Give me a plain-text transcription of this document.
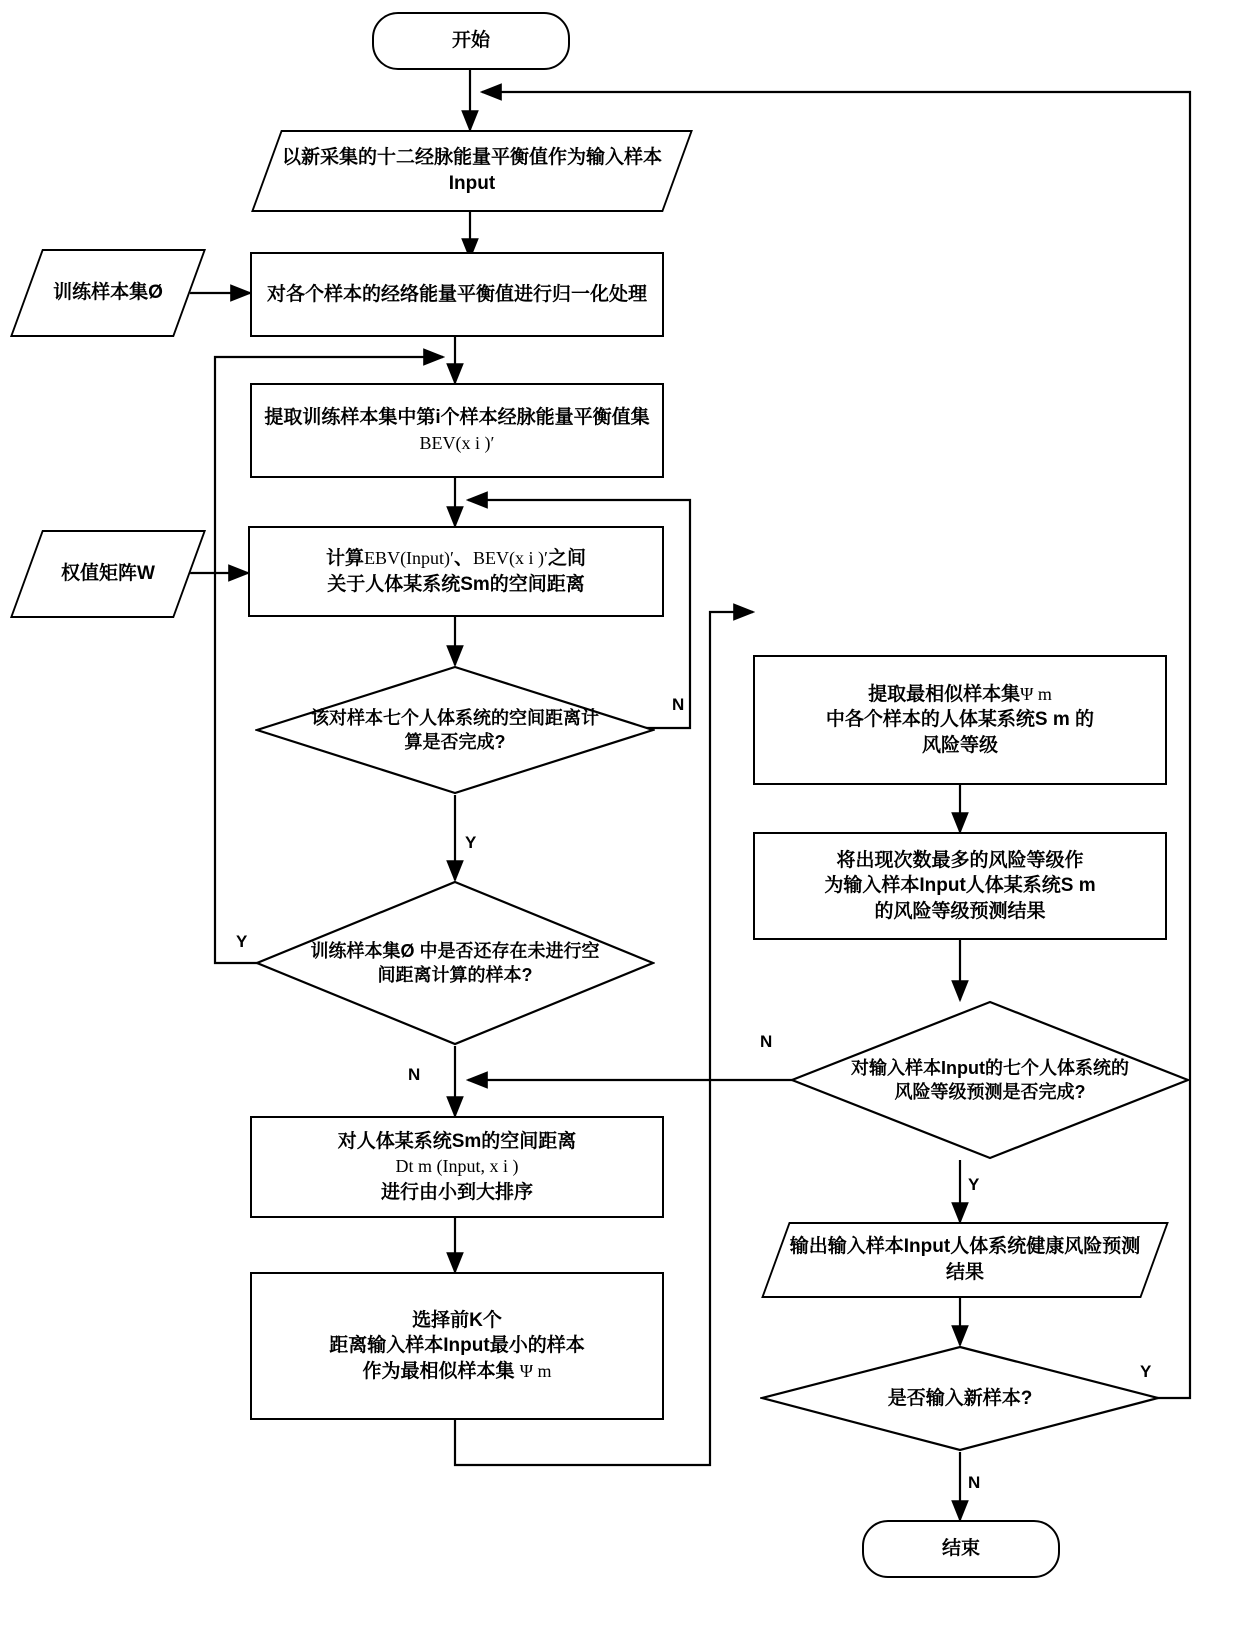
开始
以新采集的十二经脉能量平衡值作为输入样本Input
训练样本集Ø	对各个样本的经络能量平衡值进行归一化处理
提取训练样本集中第i个样本经脉能量平衡值集 BEV(x i )′
权值矩阵W
计算EBV(Input)′、BEV(x i )′之间
关于人体某系统Sm的空间距离
该对样本七个人体系统的空间距离计算是否完成?
训练样本集Ø 中是否还存在未进行空间距离计算的样本?
对人体某系统Sm的空间距离
Dt m (Input, x i )
进行由小到大排序
选择前K个
距离输入样本Input最小的样本
作为最相似样本集 Ψ m
提取最相似样本集Ψ m
中各个样本的人体某系统S m 的
风险等级
将出现次数最多的风险等级作
为输入样本Input人体某系统S m
的风险等级预测结果
对输入样本Input的七个人体系统的风险等级预测是否完成?
输出输入样本Input人体系统健康风险预测结果
是否输入新样本?
结束
N
Y
Y
N
N
Y
Y
N
